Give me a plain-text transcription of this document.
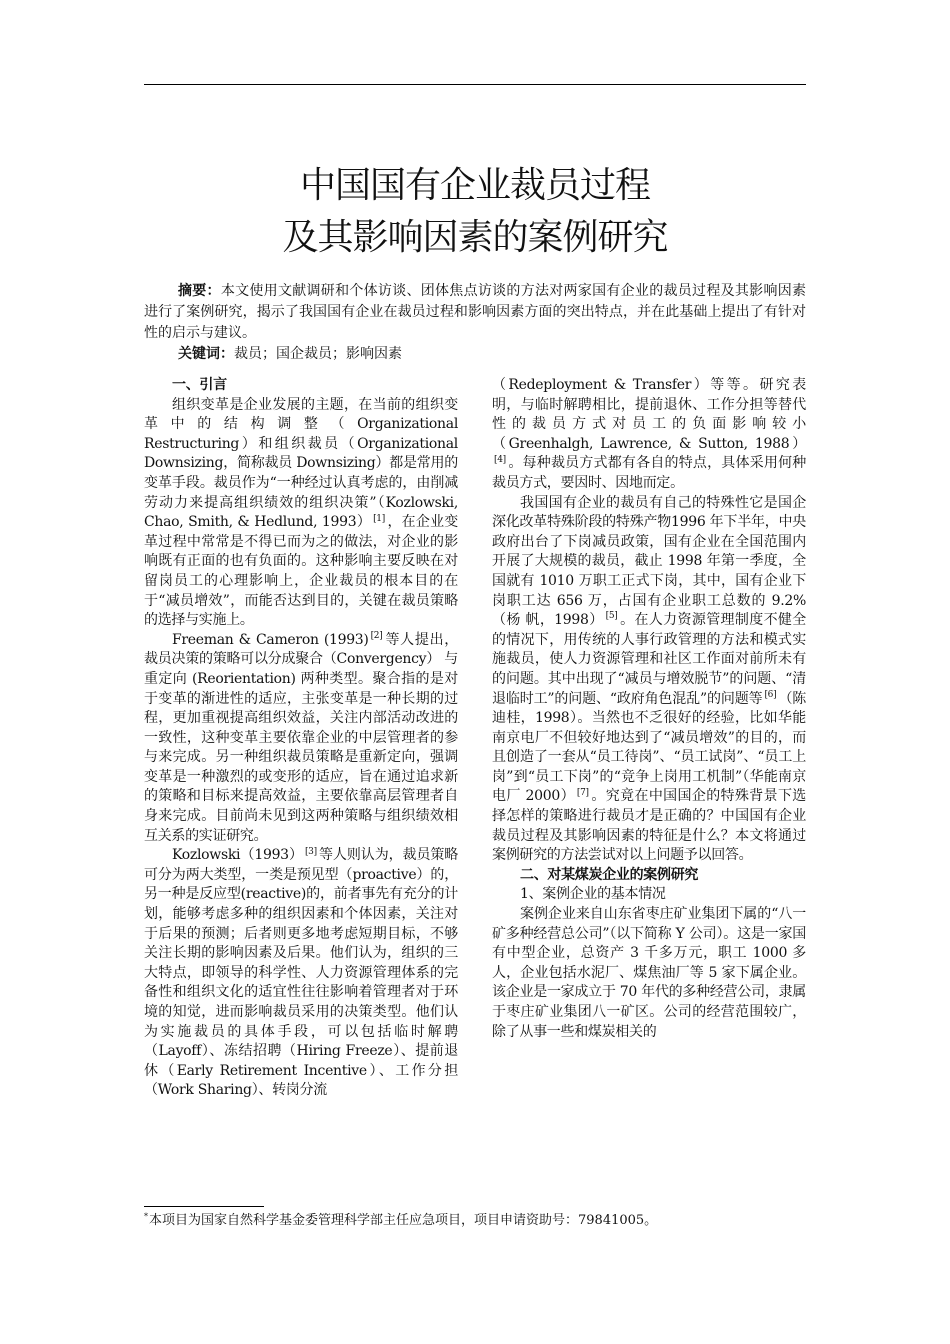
中国国有企业裁员过程
及其影响因素的案例研究

摘要：本文使用文献调研和个体访谈、团体焦点访谈的方法对两家国有企业的裁员过程及其影响因素进行了案例研究，揭示了我国国有企业在裁员过程和影响因素方面的突出特点，并在此基础上提出了有针对性的启示与建议。

关键词：裁员；国企裁员；影响因素

一、引言

组织变革是企业发展的主题，在当前的组织变革中的结构调整（Organizational Restructuring）和组织裁员（Organizational Downsizing，简称裁员 Downsizing）都是常用的变革手段。裁员作为“一种经过认真考虑的，由削减劳动力来提高组织绩效的组织决策”（Kozlowski, Chao, Smith, & Hedlund, 1993） [1] ，在企业变革过程中常常是不得已而为之的做法，对企业的影响既有正面的也有负面的。这种影响主要反映在对留岗员工的心理影响上，企业裁员的根本目的在于“减员增效”，而能否达到目的，关键在裁员策略的选择与实施上。

Freeman & Cameron (1993) [2] 等人提出，裁员决策的策略可以分成聚合（Convergency） 与重定向 (Reorientation) 两种类型。聚合指的是对于变革的渐进性的适应，主张变革是一种长期的过程，更加重视提高组织效益，关注内部活动改进的一致性，这种变革主要依靠企业的中层管理者的参与来完成。另一种组织裁员策略是重新定向，强调变革是一种激烈的或变形的适应，旨在通过追求新的策略和目标来提高效益，主要依靠高层管理者自身来完成。目前尚未见到这两种策略与组织绩效相互关系的实证研究。

Kozlowski（1993） [3] 等人则认为，裁员策略可分为两大类型，一类是预见型（proactive）的，另一种是反应型(reactive)的，前者事先有充分的计划，能够考虑多种的组织因素和个体因素，关注对于后果的预测；后者则更多地考虑短期目标，不够关注长期的影响因素及后果。他们认为，组织的三大特点，即领导的科学性、人力资源管理体系的完备性和组织文化的适宜性往往影响着管理者对于环境的知觉，进而影响裁员采用的决策类型。他们认为实施裁员的具体手段，可以包括临时解聘（Layoff）、冻结招聘（Hiring Freeze）、提前退休（Early Retirement Incentive）、工作分担（Work Sharing）、转岗分流

（Redeployment & Transfer）等等。研究表明，与临时解聘相比，提前退休、工作分担等替代性的裁员方式对员工的负面影响较小（Greenhalgh, Lawrence, & Sutton, 1988）[4] 。每种裁员方式都有各自的特点，具体采用何种裁员方式，要因时、因地而定。

我国国有企业的裁员有自己的特殊性它是国企深化改革特殊阶段的特殊产物1996 年下半年，中央政府出台了下岗减员政策，国有企业在全国范围内开展了大规模的裁员，截止 1998 年第一季度，全国就有 1010 万职工正式下岗，其中，国有企业下岗职工达 656 万，占国有企业职工总数的 9.2%（杨 帆，1998） [5] 。在人力资源管理制度不健全的情况下，用传统的人事行政管理的方法和模式实施裁员，使人力资源管理和社区工作面对前所未有的问题。其中出现了“减员与增效脱节”的问题、“清退临时工”的问题、“政府角色混乱”的问题等 [6] （陈迪桂，1998）。当然也不乏很好的经验，比如华能南京电厂不但较好地达到了“减员增效”的目的，而且创造了一套从“员工待岗”、“员工试岗”、“员工上岗”到“员工下岗”的“竞争上岗用工机制”（华能南京电厂 2000） [7] 。究竟在中国国企的特殊背景下选择怎样的策略进行裁员才是正确的？中国国有企业裁员过程及其影响因素的特征是什么？本文将通过案例研究的方法尝试对以上问题予以回答。

二、对某煤炭企业的案例研究
1、案例企业的基本情况

案例企业来自山东省枣庄矿业集团下属的“八一矿多种经营总公司”（以下简称 Y 公司）。这是一家国有中型企业，总资产 3 千多万元，职工 1000 多人，企业包括水泥厂、煤焦油厂等 5 家下属企业。该企业是一家成立于 70 年代的多种经营公司，隶属于枣庄矿业集团八一矿区。公司的经营范围较广，除了从事一些和煤炭相关的

*本项目为国家自然科学基金委管理科学部主任应急项目，项目申请资助号：79841005。
